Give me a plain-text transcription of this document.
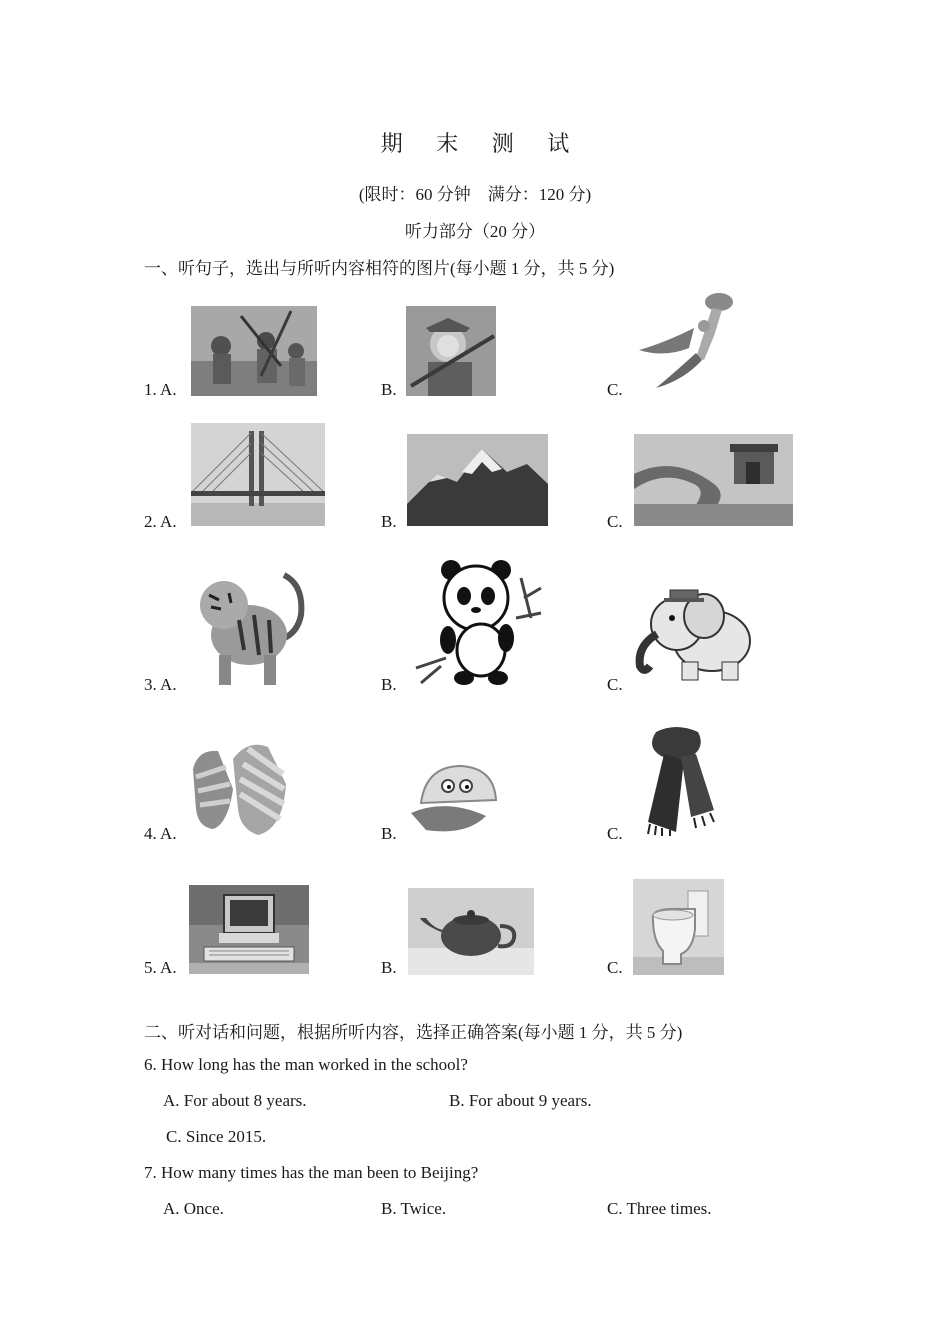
期 末 测 试
(限时：60 分钟　满分：120 分)
听力部分（20 分）
一、听句子，选出与所听内容相符的图片(每小题 1 分，共 5 分)
1. A.	B.	C.
2. A.	B.	C.
3. A.	B.	C.
4. A.	B.	C.
5. A.	B.	C.
二、听对话和问题，根据所听内容，选择正确答案(每小题 1 分，共 5 分)
6. How long has the man worked in the school?
A. For about 8 years.	B. For about 9 years.
C. Since 2015.
7. How many times has the man been to Beijing?
A. Once.	B. Twice.	C. Three times.
